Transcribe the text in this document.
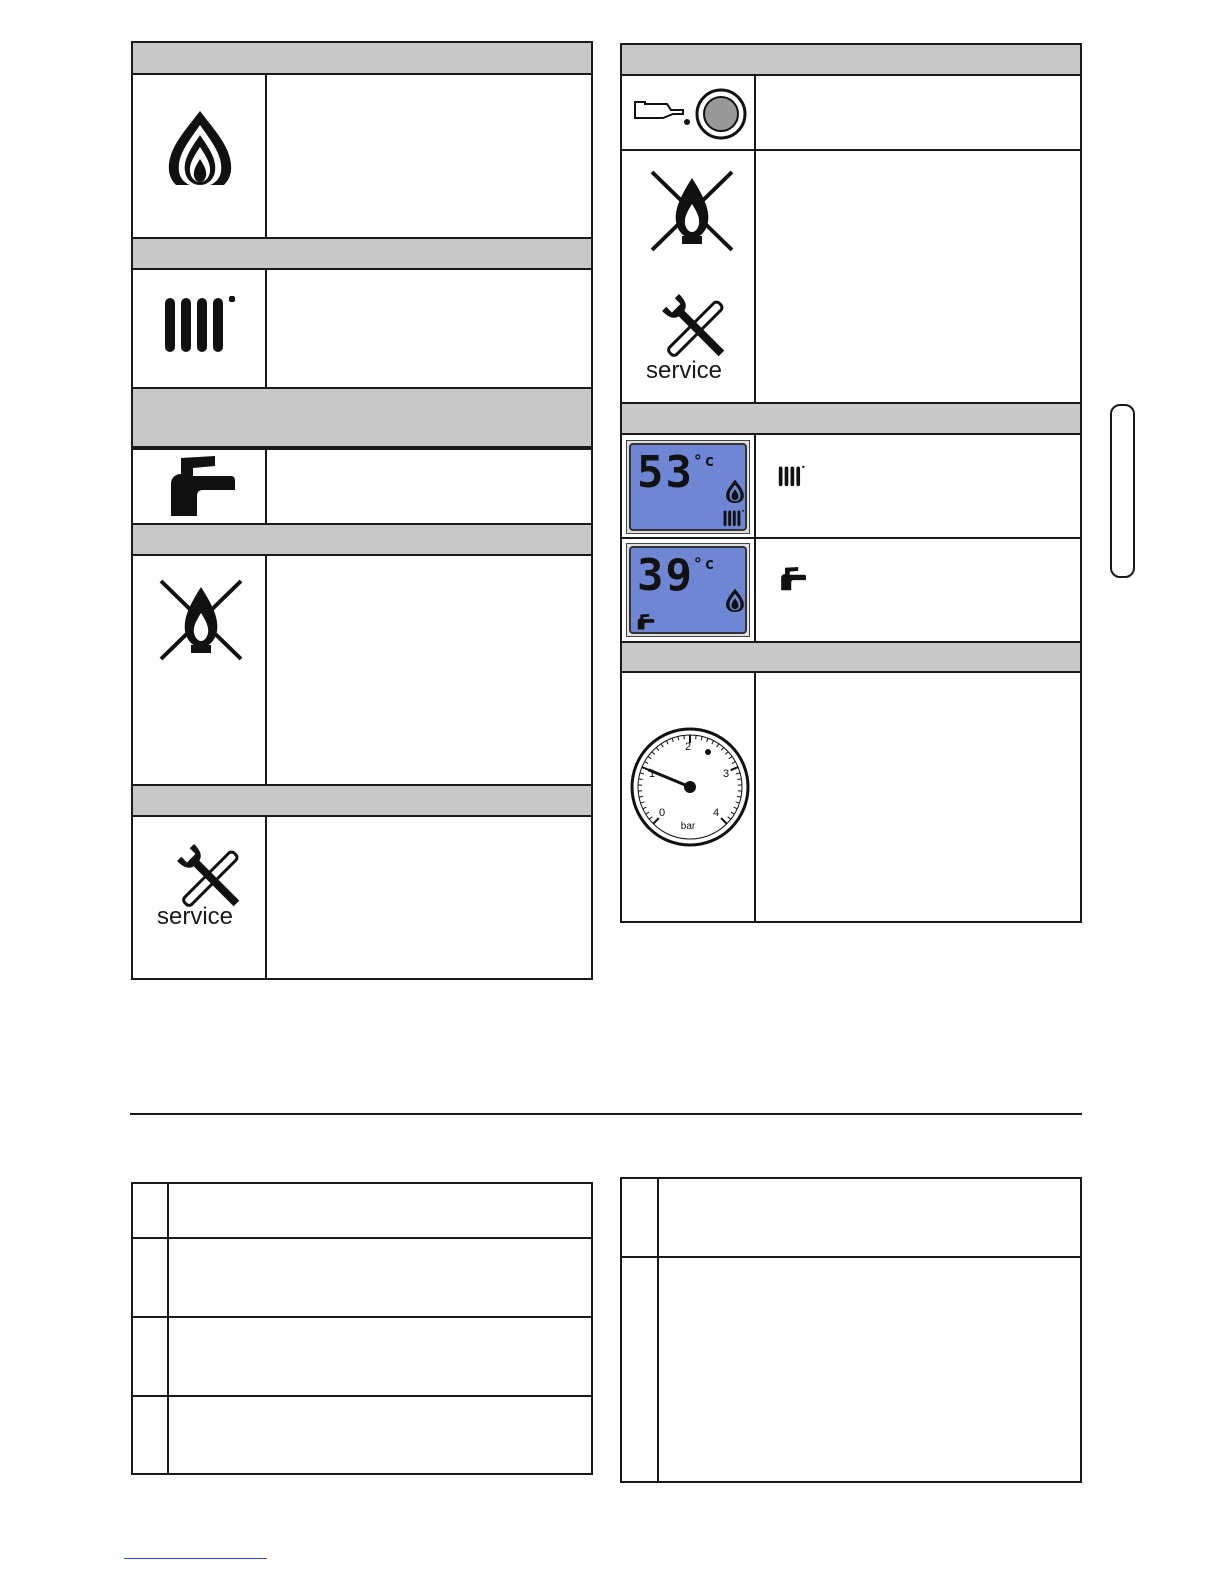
service
service
53 °c
39 °c
0
1
2
3
4
bar
